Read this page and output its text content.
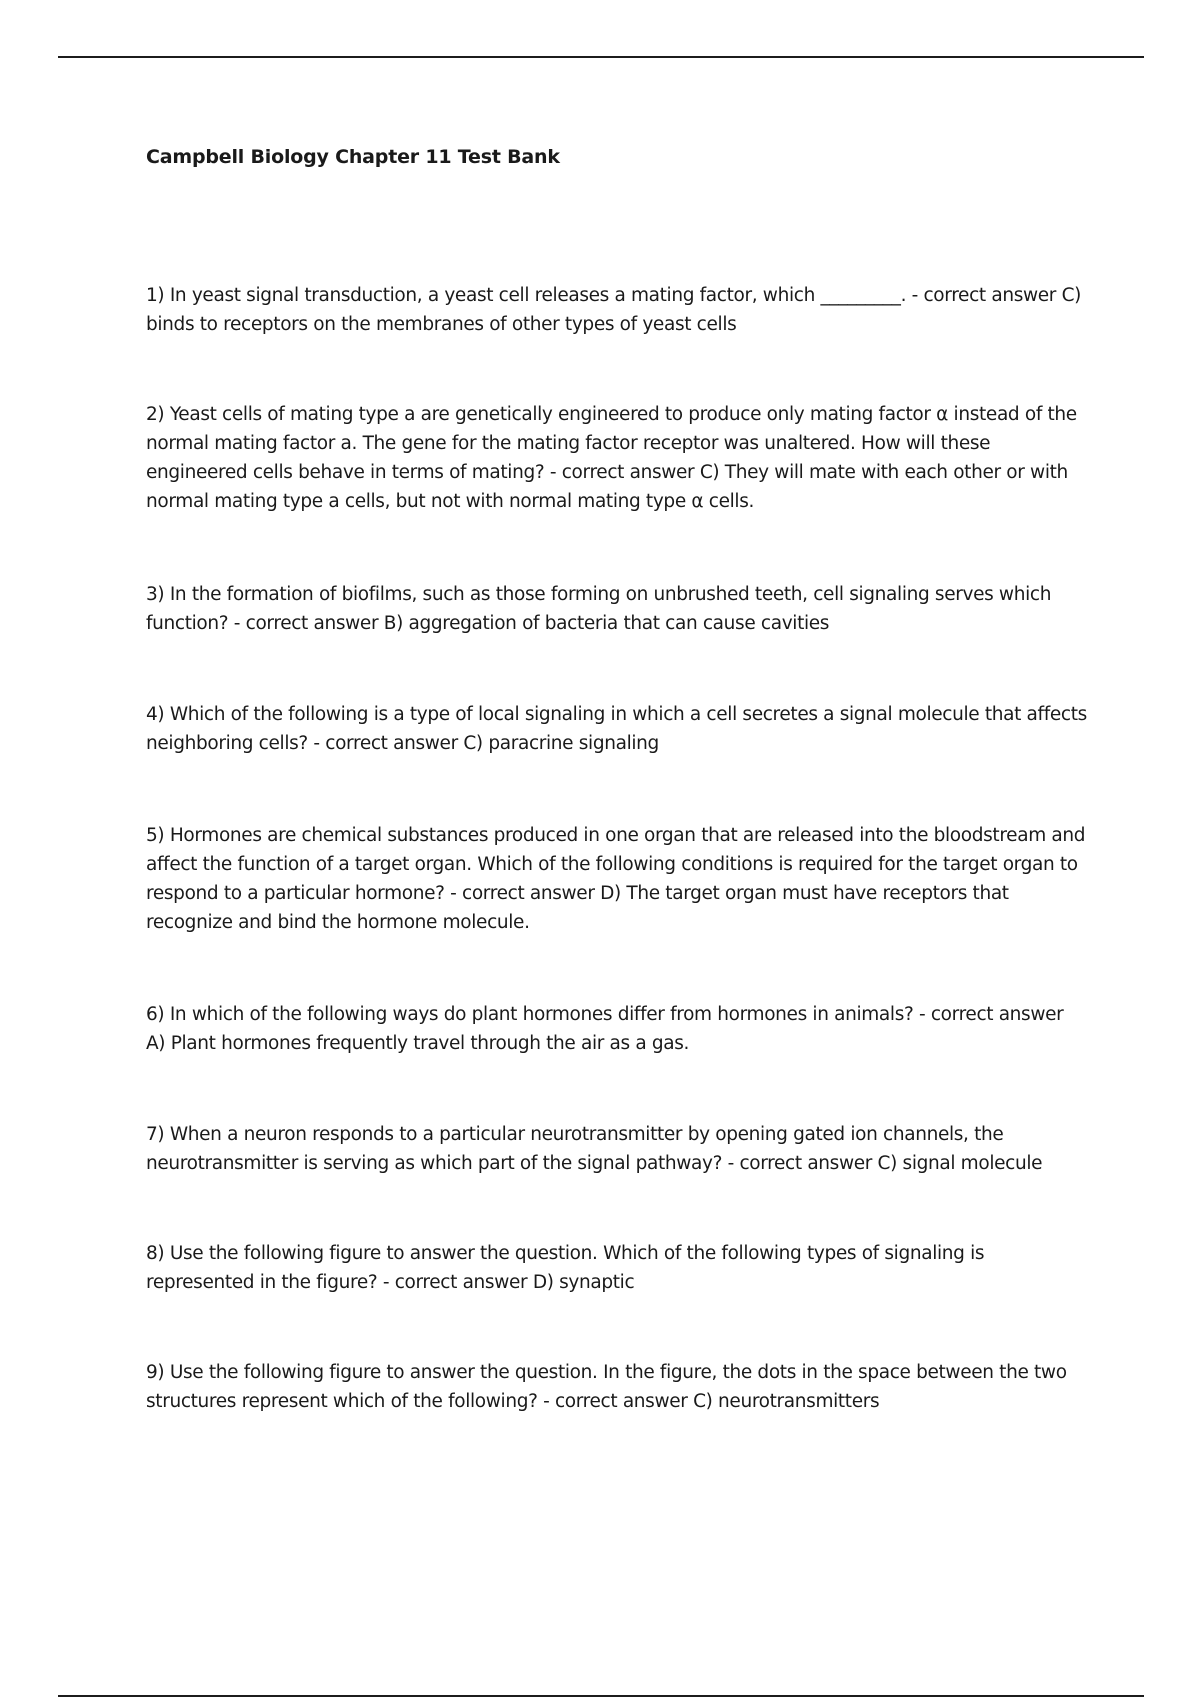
Campbell Biology Chapter 11 Test Bank
1) In yeast signal transduction, a yeast cell releases a mating factor, which _________. - correct answer C)
binds to receptors on the membranes of other types of yeast cells
2) Yeast cells of mating type a are genetically engineered to produce only mating factor α instead of the
normal mating factor a. The gene for the mating factor receptor was unaltered. How will these
engineered cells behave in terms of mating? - correct answer C) They will mate with each other or with
normal mating type a cells, but not with normal mating type α cells.
3) In the formation of biofilms, such as those forming on unbrushed teeth, cell signaling serves which
function? - correct answer B) aggregation of bacteria that can cause cavities
4) Which of the following is a type of local signaling in which a cell secretes a signal molecule that affects
neighboring cells? - correct answer C) paracrine signaling
5) Hormones are chemical substances produced in one organ that are released into the bloodstream and
affect the function of a target organ. Which of the following conditions is required for the target organ to
respond to a particular hormone? - correct answer D) The target organ must have receptors that
recognize and bind the hormone molecule.
6) In which of the following ways do plant hormones differ from hormones in animals? - correct answer
A) Plant hormones frequently travel through the air as a gas.
7) When a neuron responds to a particular neurotransmitter by opening gated ion channels, the
neurotransmitter is serving as which part of the signal pathway? - correct answer C) signal molecule
8) Use the following figure to answer the question. Which of the following types of signaling is
represented in the figure? - correct answer D) synaptic
9) Use the following figure to answer the question. In the figure, the dots in the space between the two
structures represent which of the following? - correct answer C) neurotransmitters
